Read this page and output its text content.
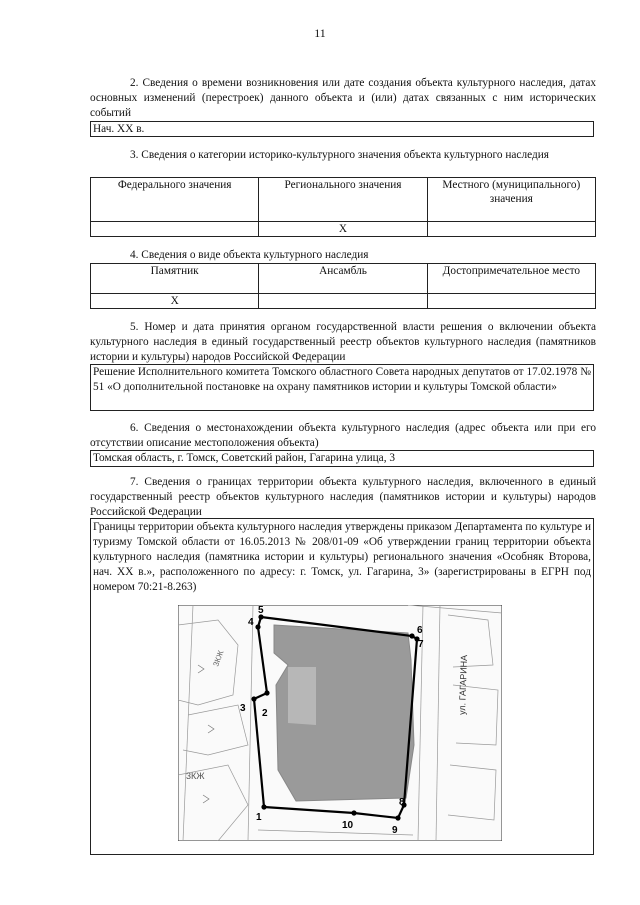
11
2. Сведения о времени возникновения или дате создания объекта культурного наследия, датах основных изменений (перестроек) данного объекта и (или) датах связанных с ним исторических событий
Нач. XX в.
3. Сведения о категории историко-культурного значения объекта культурного наследия
Федерального значения	Регионального значения	Местного (муниципального) значения
	X	
4. Сведения о виде объекта культурного наследия
Памятник	Ансамбль	Достопримечательное место
X		
5. Номер и дата принятия органом государственной власти решения о включении объекта культурного наследия в единый государственный реестр объектов культурного наследия (памятников истории и культуры) народов Российской Федерации
Решение Исполнительного комитета Томского областного Совета народных депутатов от 17.02.1978 № 51 «О дополнительной постановке на охрану памятников истории и культуры Томской области»
6. Сведения о местонахождении объекта культурного наследия (адрес объекта или при его отсутствии описание местоположения объекта)
Томская область, г. Томск, Советский район, Гагарина улица, 3
7. Сведения о границах территории объекта культурного наследия, включенного в единый государственный реестр объектов культурного наследия (памятников истории и культуры) народов Российской Федерации
Границы территории объекта культурного наследия утверждены приказом Департамента по культуре и туризму Томской области от 16.05.2013 № 208/01-09 «Об утверждении границ территории объекта культурного наследия (памятника истории и культуры) регионального значения «Особняк Второва, нач. XX в.», расположенного по адресу: г. Томск, ул. Гагарина, 3» (зарегистрированы в ЕГРН под номером 70:21-8.263)
ул. ГАГАРИНА
3КЖ
3КЖ
1
2
3
4
5
6
7
8
9
10
